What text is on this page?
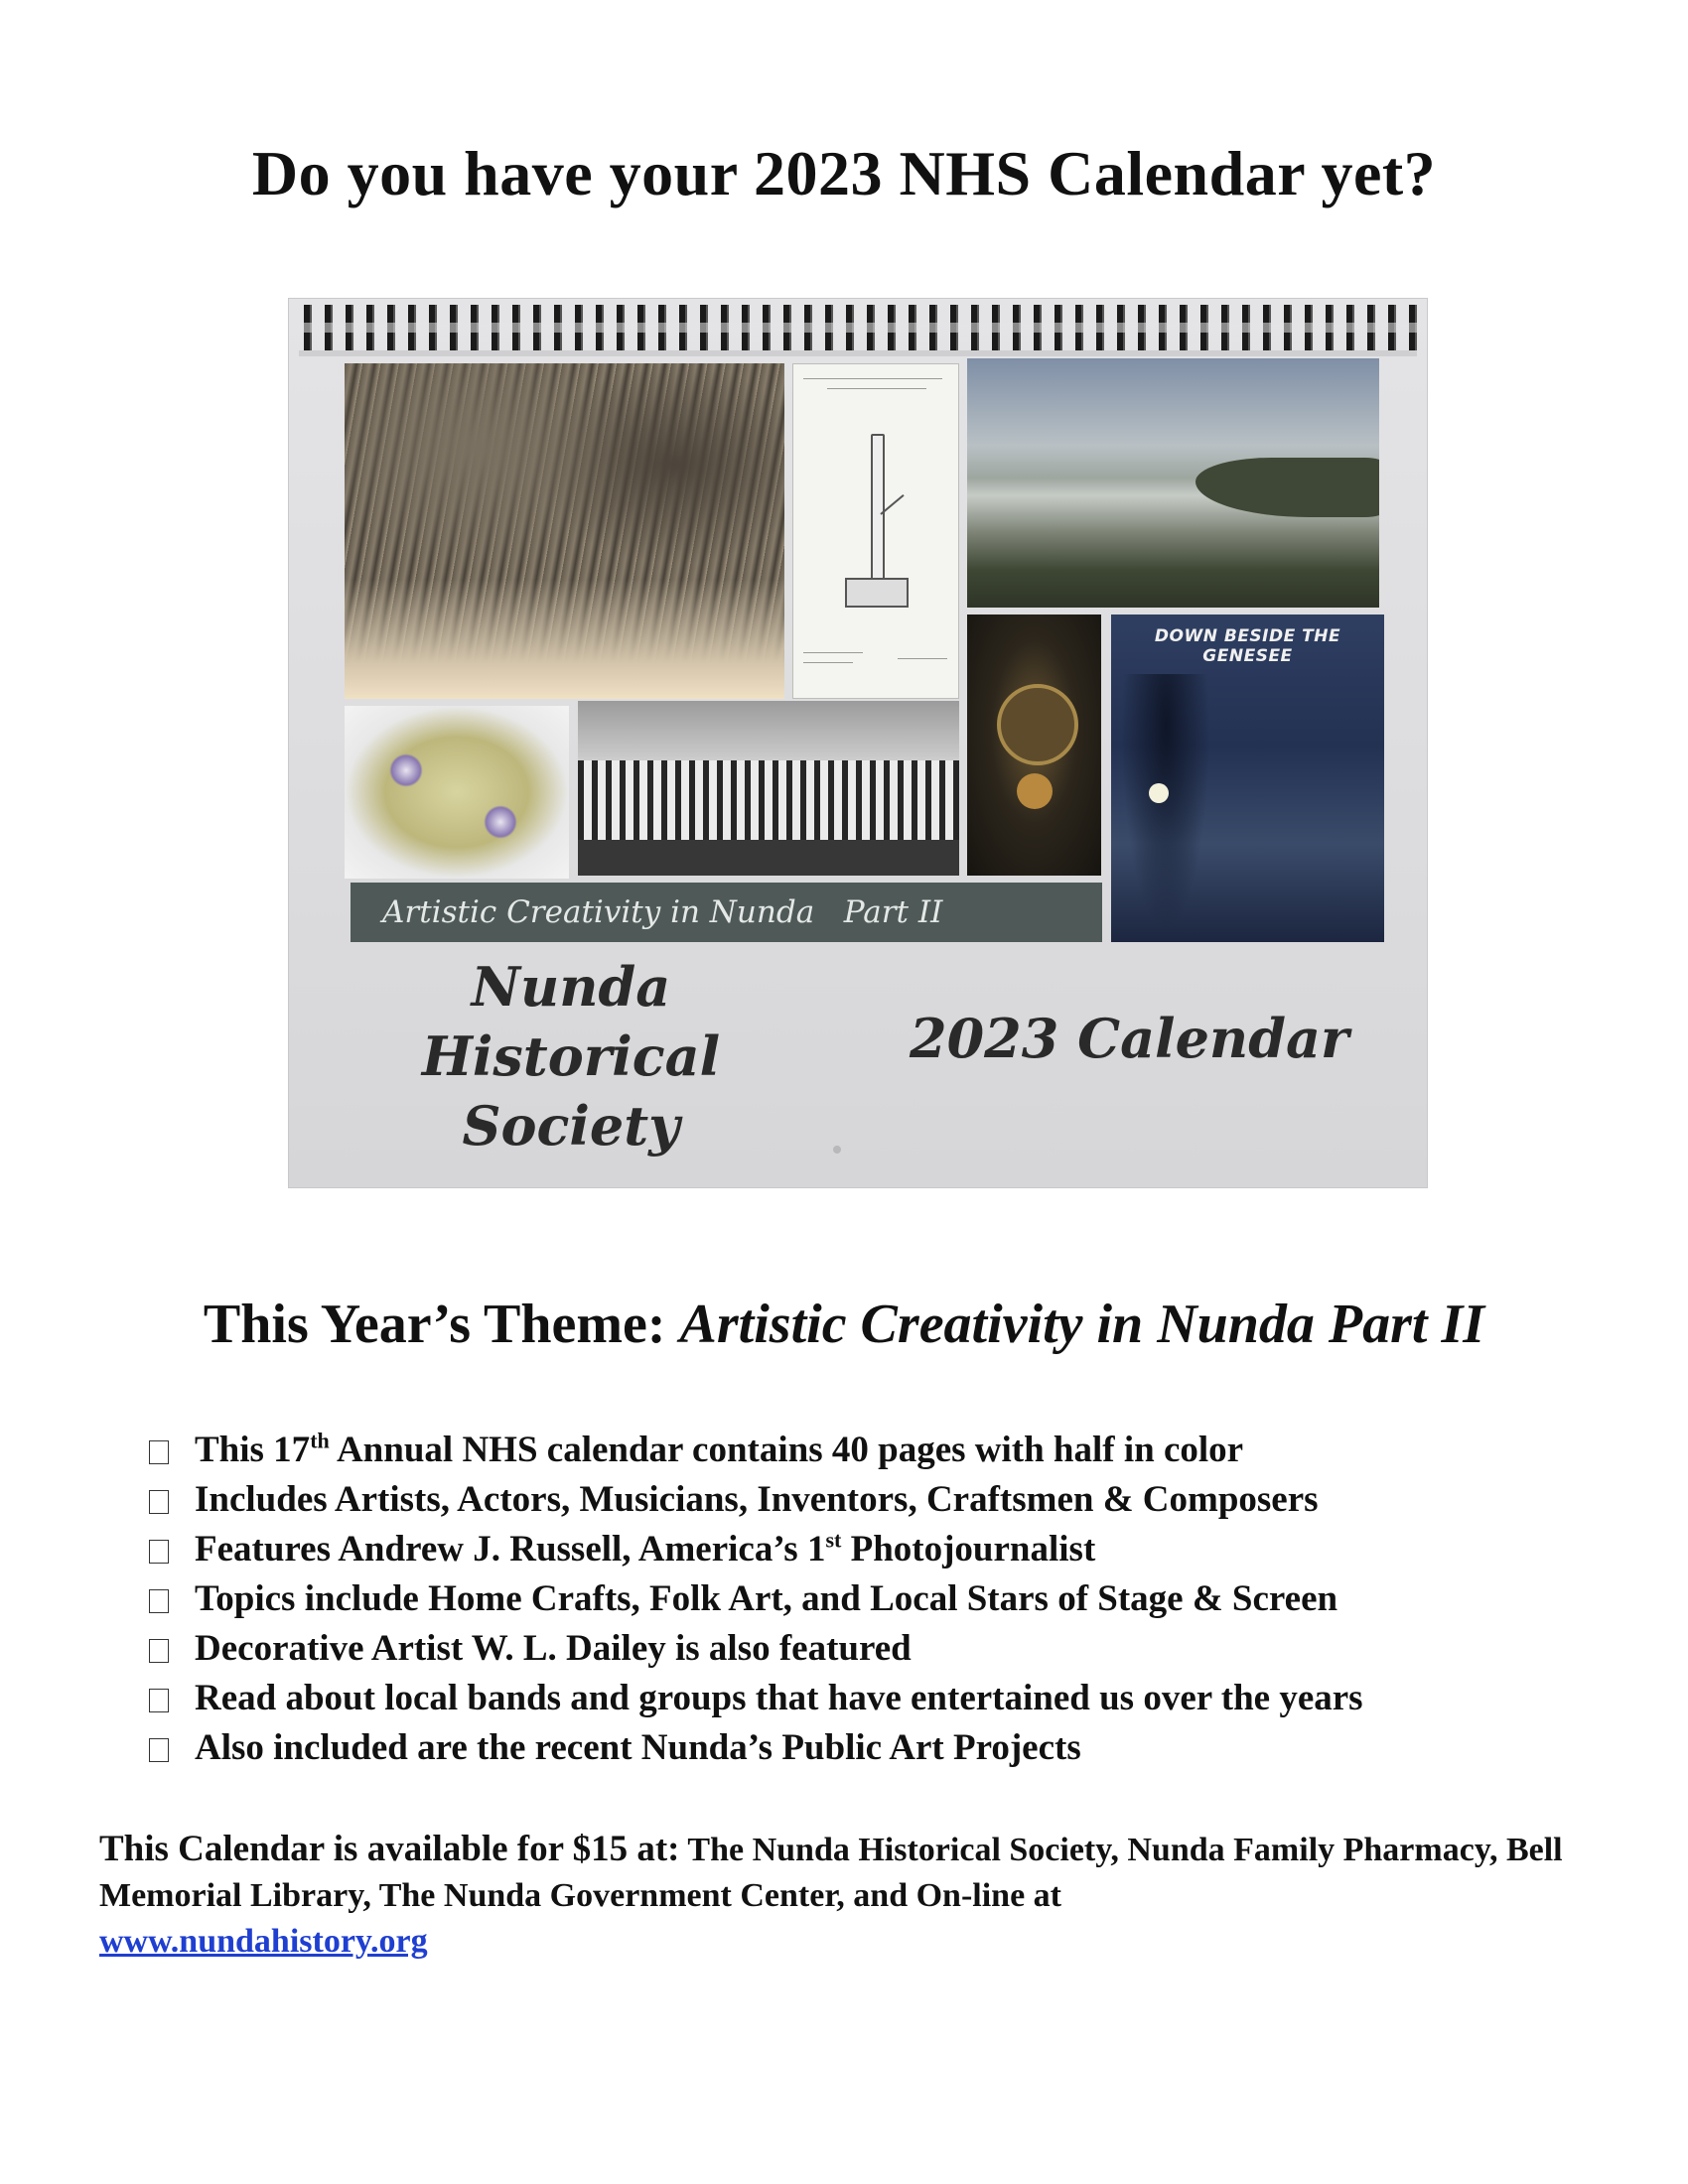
Do you have your 2023 NHS Calendar yet?
DOWN BESIDE THE GENESEE
Artistic Creativity in Nunda   Part II
Nunda Historical
Society
2023 Calendar
This Year’s Theme: Artistic Creativity in Nunda Part II
This 17th Annual NHS calendar contains 40 pages with half in color
Includes Artists, Actors, Musicians, Inventors, Craftsmen & Composers
Features Andrew J. Russell, America’s 1st Photojournalist
Topics include Home Crafts, Folk Art, and Local Stars of Stage & Screen
Decorative Artist W. L. Dailey is also featured
Read about local bands and groups that have entertained us over the years
Also included are the recent Nunda’s Public Art Projects
This Calendar is available for $15 at: The Nunda Historical Society, Nunda Family Pharmacy, Bell Memorial Library, The Nunda Government Center, and On-line at
www.nundahistory.org
